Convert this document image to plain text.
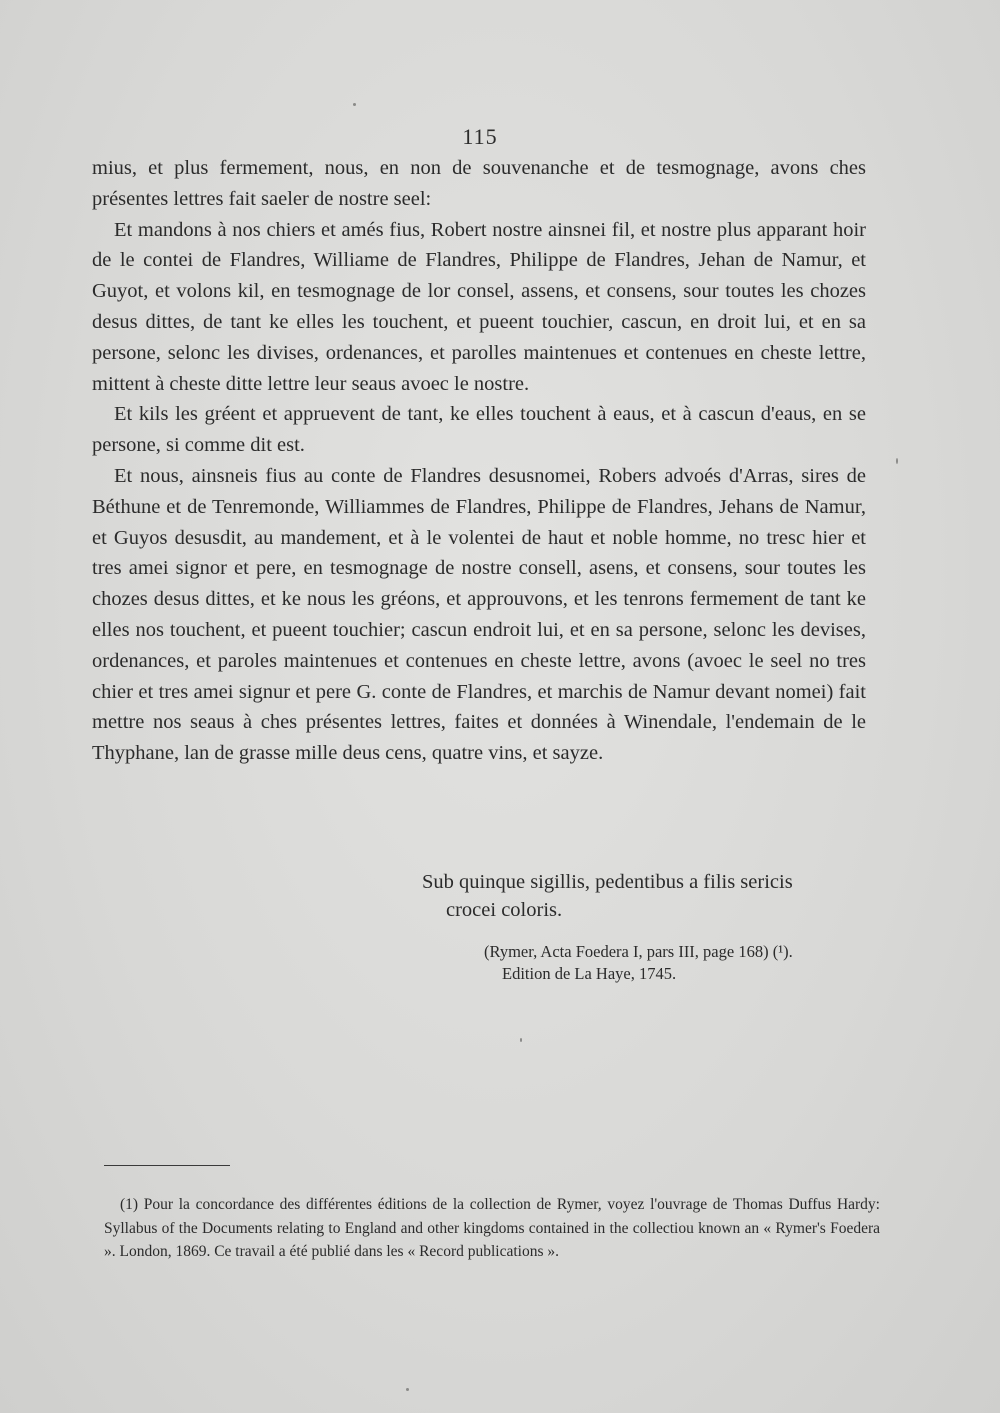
115

mius, et plus fermement, nous, en non de souvenanche et de tesmognage, avons ches présentes lettres fait saeler de nostre seel:

Et mandons à nos chiers et amés fius, Robert nostre ainsnei fil, et nostre plus apparant hoir de le contei de Flandres, Williame de Flandres, Philippe de Flandres, Jehan de Namur, et Guyot, et volons kil, en tesmognage de lor consel, assens, et consens, sour toutes les chozes desus dittes, de tant ke elles les touchent, et pueent touchier, cascun, en droit lui, et en sa persone, selonc les divises, ordenances, et parolles maintenues et contenues en cheste lettre, mittent à cheste ditte lettre leur seaus avoec le nostre.

Et kils les gréent et appruevent de tant, ke elles touchent à eaus, et à cascun d'eaus, en se persone, si comme dit est.

Et nous, ainsneis fius au conte de Flandres desusnomei, Robers advoés d'Arras, sires de Béthune et de Tenremonde, Williammes de Flandres, Philippe de Flandres, Jehans de Namur, et Guyos desusdit, au mandement, et à le volentei de haut et noble homme, no tresc hier et tres amei signor et pere, en tesmognage de nostre consell, asens, et consens, sour toutes les chozes desus dittes, et ke nous les gréons, et approuvons, et les tenrons fermement de tant ke elles nos touchent, et pueent touchier; cascun endroit lui, et en sa persone, selonc les devises, ordenances, et paroles maintenues et contenues en cheste lettre, avons (avoec le seel no tres chier et tres amei signur et pere G. conte de Flandres, et marchis de Namur devant nomei) fait mettre nos seaus à ches présentes lettres, faites et données à Winendale, l'endemain de le Thyphane, lan de grasse mille deus cens, quatre vins, et sayze.

Sub quinque sigillis, pedentibus a filis sericis
crocei coloris.
(Rymer, Acta Foedera I, pars III, page 168) (¹).
Edition de La Haye, 1745.
(1) Pour la concordance des différentes éditions de la collection de Rymer, voyez l'ouvrage de Thomas Duffus Hardy: Syllabus of the Documents relating to England and other kingdoms contained in the collectiou known an « Rymer's Foedera ». London, 1869. Ce travail a été publié dans les « Record publications ».
